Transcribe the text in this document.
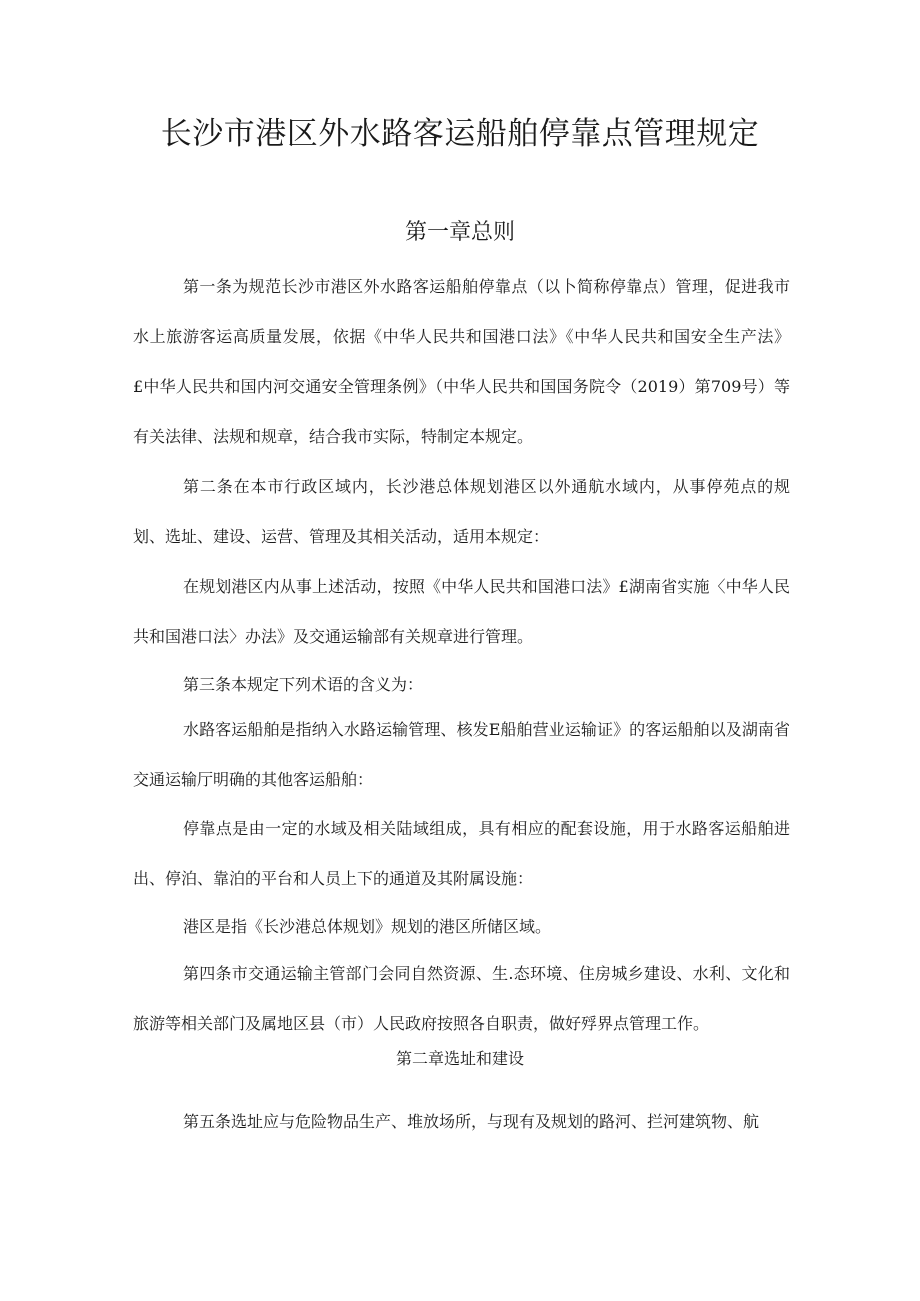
长沙市港区外水路客运船舶停靠点管理规定
第一章总则

第一条为规范长沙市港区外水路客运船舶停靠点（以卜简称停靠点）管理，促进我市水上旅游客运高质量发展，依据《中华人民共和国港口法》《中华人民共和国安全生产法》£中华人民共和国内河交通安全管理条例》（中华人民共和国国务院令（2019）第709号）等有关法律、法规和规章，结合我市实际，特制定本规定。

第二条在本市行政区域内，长沙港总体规划港区以外通航水域内，从事停苑点的规划、选址、建设、运营、管理及其相关活动，适用本规定：

在规划港区内从事上述活动，按照《中华人民共和国港口法》£湖南省实施〈中华人民共和国港口法〉办法》及交通运输部有关规章进行管理。

第三条本规定下列术语的含义为：

水路客运船舶是指纳入水路运输管理、核发E船舶营业运输证》的客运船舶以及湖南省交通运输厅明确的其他客运船舶：

停靠点是由一定的水域及相关陆域组成，具有相应的配套设施，用于水路客运船舶进出、停泊、靠泊的平台和人员上下的通道及其附属设施：

港区是指《长沙港总体规划》规划的港区所储区域。

第四条市交通运输主管部门会同自然资源、生.态环境、住房城乡建设、水利、文化和旅游等相关部门及属地区县（市）人民政府按照各自职责，做好殍界点管理工作。

第二章选址和建设

第五条选址应与危险物品生产、堆放场所，与现有及规划的路河、拦河建筑物、航
